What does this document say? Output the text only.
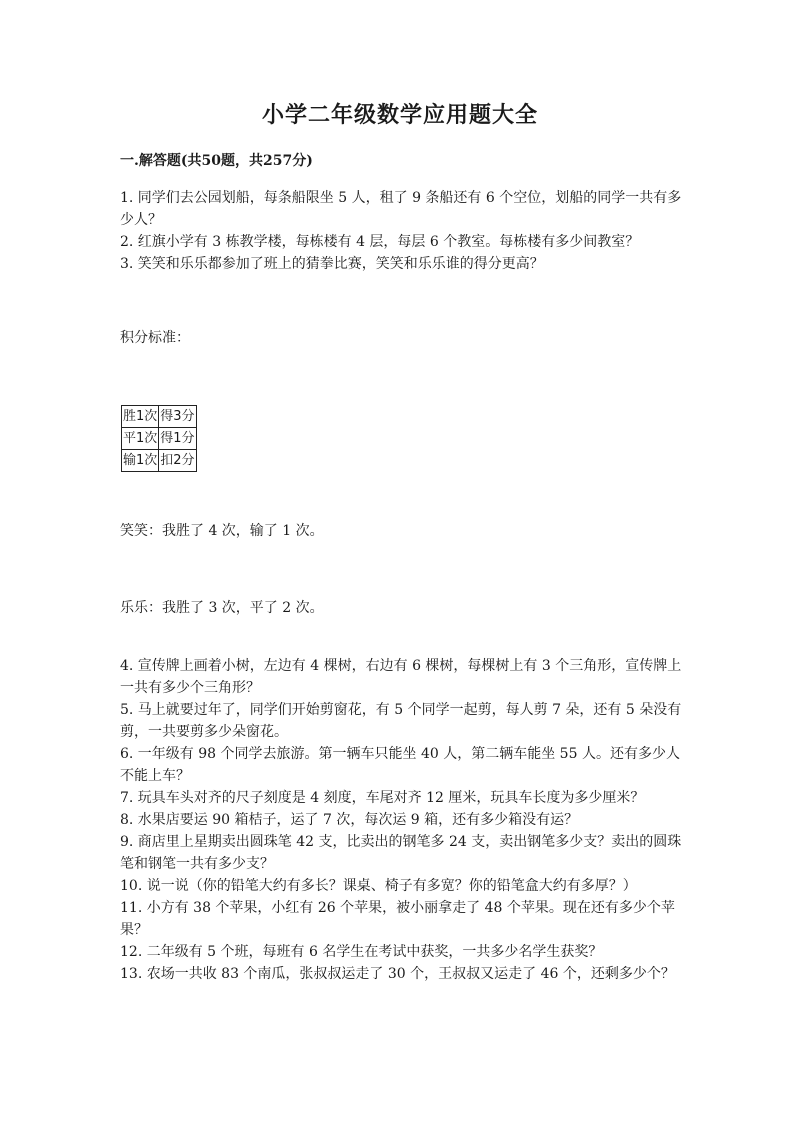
小学二年级数学应用题大全
一.解答题(共50题，共257分)

1. 同学们去公园划船，每条船限坐 5 人，租了 9 条船还有 6 个空位，划船的同学一共有多少人？

2. 红旗小学有 3 栋教学楼，每栋楼有 4 层，每层 6 个教室。每栋楼有多少间教室？

3. 笑笑和乐乐都参加了班上的猜拳比赛，笑笑和乐乐谁的得分更高？

积分标准：
胜1次	得3分
平1次	得1分
输1次	扣2分
笑笑：我胜了 4 次，输了 1 次。
乐乐：我胜了 3 次，平了 2 次。

4. 宣传牌上画着小树，左边有 4 棵树，右边有 6 棵树，每棵树上有 3 个三角形，宣传牌上一共有多少个三角形？

5. 马上就要过年了，同学们开始剪窗花，有 5 个同学一起剪，每人剪 7 朵，还有 5 朵没有剪，一共要剪多少朵窗花。

6. 一年级有 98 个同学去旅游。第一辆车只能坐 40 人，第二辆车能坐 55 人。还有多少人不能上车？

7. 玩具车头对齐的尺子刻度是 4 刻度，车尾对齐 12 厘米，玩具车长度为多少厘米？

8. 水果店要运 90 箱桔子，运了 7 次，每次运 9 箱，还有多少箱没有运？

9. 商店里上星期卖出圆珠笔 42 支，比卖出的钢笔多 24 支，卖出钢笔多少支？卖出的圆珠笔和钢笔一共有多少支？

10. 说一说（你的铅笔大约有多长？课桌、椅子有多宽？你的铅笔盒大约有多厚？）

11. 小方有 38 个苹果，小红有 26 个苹果，被小丽拿走了 48 个苹果。现在还有多少个苹果？

12. 二年级有 5 个班，每班有 6 名学生在考试中获奖，一共多少名学生获奖？

13. 农场一共收 83 个南瓜，张叔叔运走了 30 个，王叔叔又运走了 46 个，还剩多少个？
